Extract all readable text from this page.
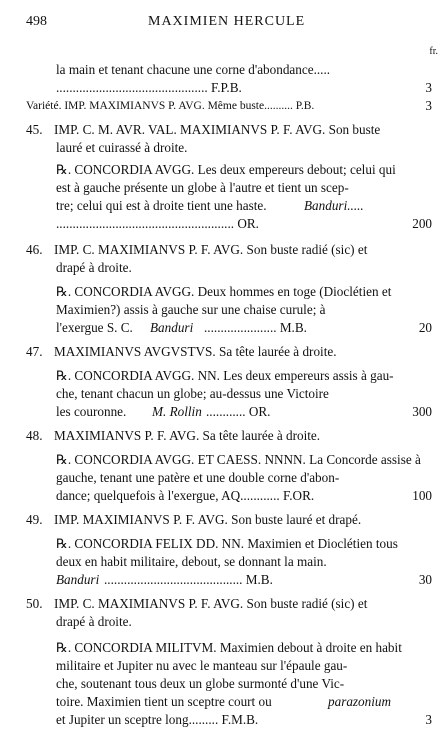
498	MAXIMIEN HERCULE
fr.
la main et tenant chacune une corne d'abondance.....
.............................................. F.P.B.	3
Variété. IMP. MAXIMIANVS P. AVG. Même buste.......... P.B.	3
45. IMP. C. M. AVR. VAL. MAXIMIANVS P. F. AVG. Son buste
lauré et cuirassé à droite.
℞. CONCORDIA AVGG. Les deux empereurs debout; celui qui
est à gauche présente un globe à l'autre et tient un scep-
tre; celui qui est à droite tient une haste.	Banduri.....
...................................................... OR.	200
46. IMP. C. MAXIMIANVS P. F. AVG. Son buste radié (sic) et
drapé à droite.
℞. CONCORDIA AVGG. Deux hommes en toge (Dioclétien et
Maximien?) assis à gauche sur une chaise curule; à
l'exergue S. C. Banduri ...................... M.B.	20
47. MAXIMIANVS AVGVSTVS. Sa tête laurée à droite.
℞. CONCORDIA AVGG. NN. Les deux empereurs assis à gau-
che, tenant chacun un globe; au-dessus une Victoire
les couronne. M. Rollin ............ OR.	300
48. MAXIMIANVS P. F. AVG. Sa tête laurée à droite.
℞. CONCORDIA AVGG. ET CAESS. NNNN. La Concorde assise à
gauche, tenant une patère et une double corne d'abon-
dance; quelquefois à l'exergue, AQ............ F.OR.	100
49. IMP. MAXIMIANVS P. F. AVG. Son buste lauré et drapé.
℞. CONCORDIA FELIX DD. NN. Maximien et Dioclétien tous
deux en habit militaire, debout, se donnant la main.
Banduri .......................................... M.B.	30
50. IMP. C. MAXIMIANVS P. F. AVG. Son buste radié (sic) et
drapé à droite.
℞. CONCORDIA MILITVM. Maximien debout à droite en habit
militaire et Jupiter nu avec le manteau sur l'épaule gau-
che, soutenant tous deux un globe surmonté d'une Vic-
toire. Maximien tient un sceptre court ou	parazonium
et Jupiter un sceptre long......... F.M.B.	3
